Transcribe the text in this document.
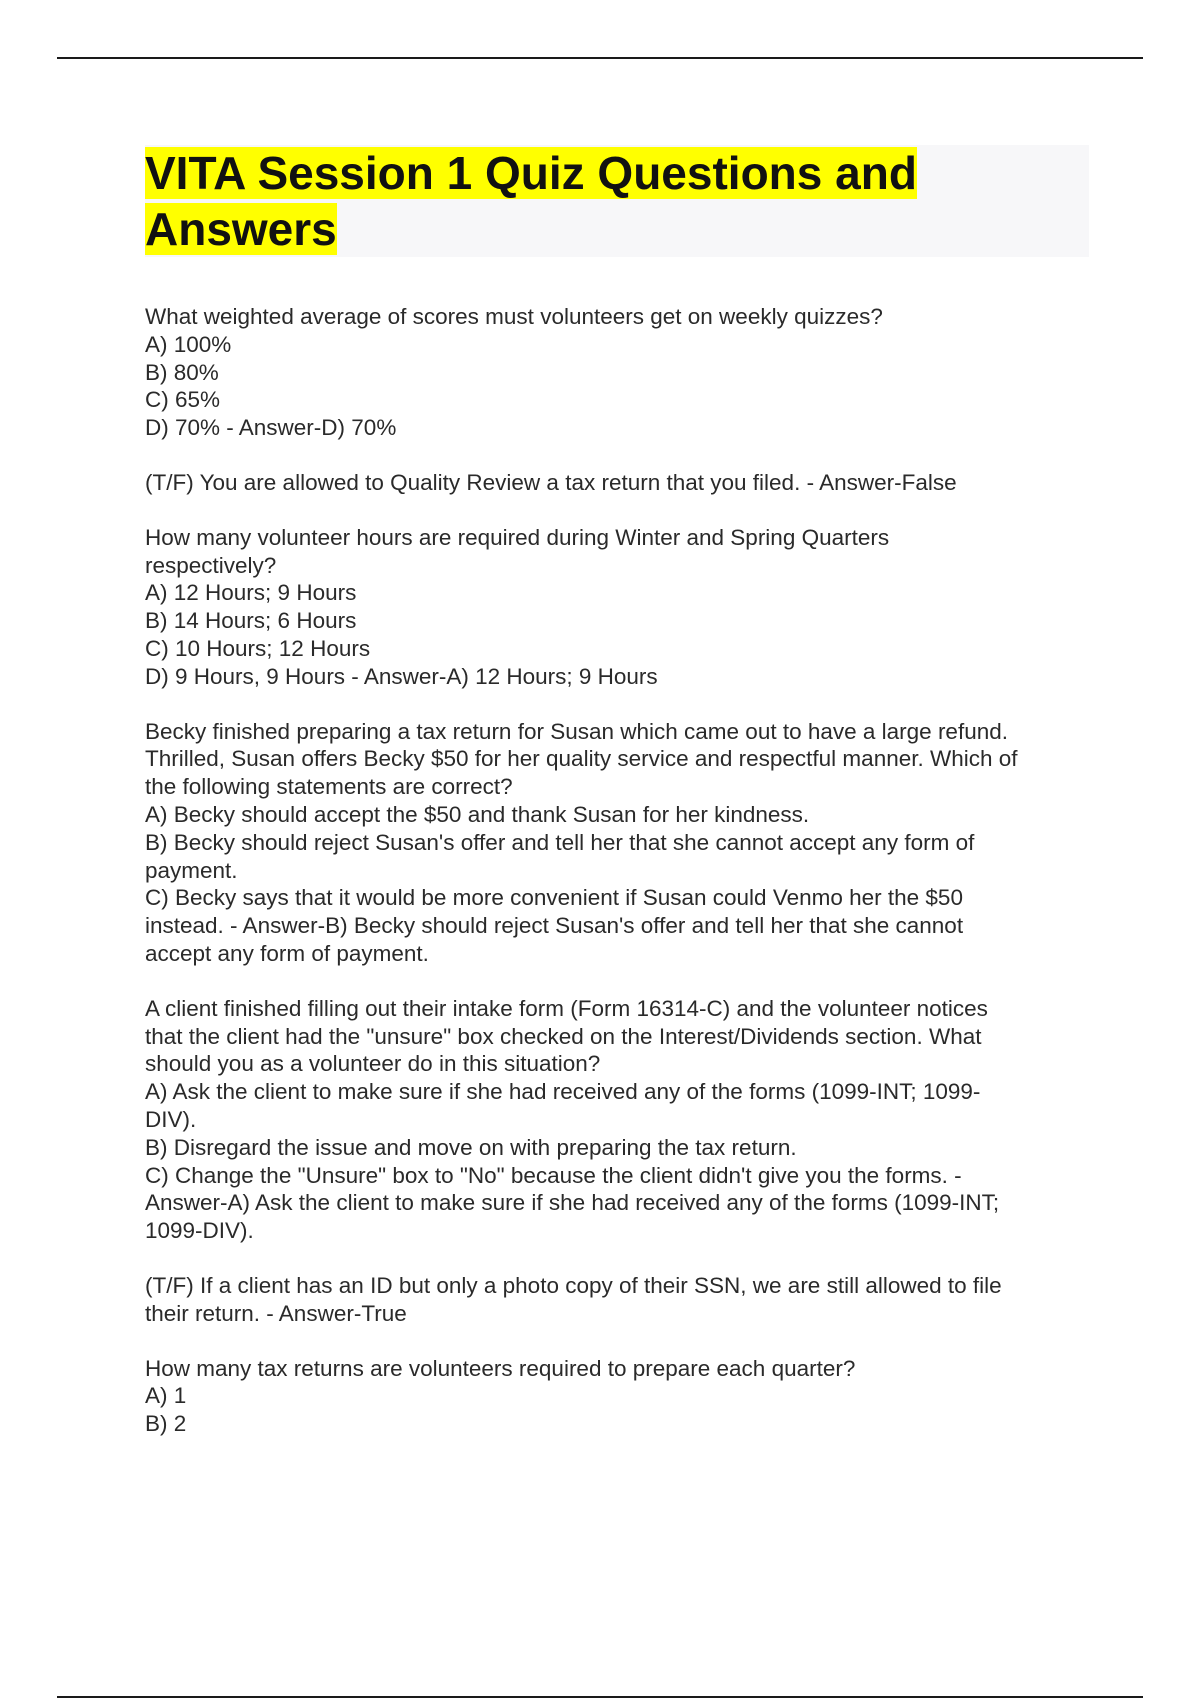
VITA Session 1 Quiz Questions and
Answers

What weighted average of scores must volunteers get on weekly quizzes?

A) 100%

B) 80%

C) 65%

D) 70% - Answer-D) 70%

(T/F) You are allowed to Quality Review a tax return that you filed. - Answer-False

How many volunteer hours are required during Winter and Spring Quarters

respectively?

A) 12 Hours; 9 Hours

B) 14 Hours; 6 Hours

C) 10 Hours; 12 Hours

D) 9 Hours, 9 Hours - Answer-A) 12 Hours; 9 Hours

Becky finished preparing a tax return for Susan which came out to have a large refund.

Thrilled, Susan offers Becky $50 for her quality service and respectful manner. Which of

the following statements are correct?

A) Becky should accept the $50 and thank Susan for her kindness.

B) Becky should reject Susan's offer and tell her that she cannot accept any form of

payment.

C) Becky says that it would be more convenient if Susan could Venmo her the $50

instead. - Answer-B) Becky should reject Susan's offer and tell her that she cannot

accept any form of payment.

A client finished filling out their intake form (Form 16314-C) and the volunteer notices

that the client had the "unsure" box checked on the Interest/Dividends section. What

should you as a volunteer do in this situation?

A) Ask the client to make sure if she had received any of the forms (1099-INT; 1099-

DIV).

B) Disregard the issue and move on with preparing the tax return.

C) Change the "Unsure" box to "No" because the client didn't give you the forms. -

Answer-A) Ask the client to make sure if she had received any of the forms (1099-INT;

1099-DIV).

(T/F) If a client has an ID but only a photo copy of their SSN, we are still allowed to file

their return. - Answer-True

How many tax returns are volunteers required to prepare each quarter?

A) 1

B) 2
